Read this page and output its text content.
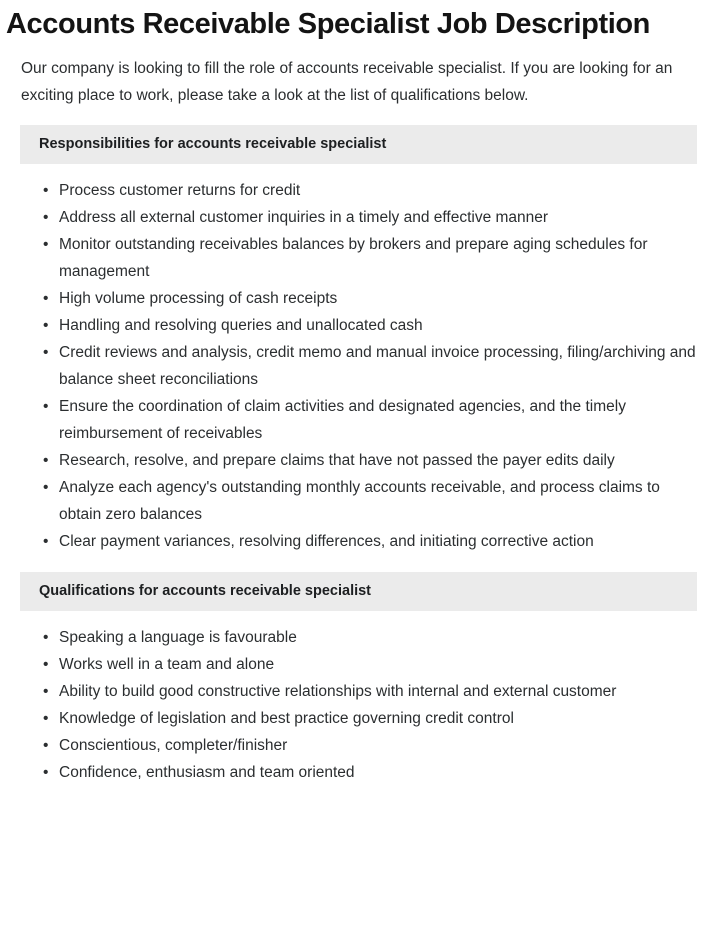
Accounts Receivable Specialist Job Description

Our company is looking to fill the role of accounts receivable specialist. If you are looking for an exciting place to work, please take a look at the list of qualifications below.

Responsibilities for accounts receivable specialist
• Process customer returns for credit
• Address all external customer inquiries in a timely and effective manner
• Monitor outstanding receivables balances by brokers and prepare aging schedules for management
• High volume processing of cash receipts
• Handling and resolving queries and unallocated cash
• Credit reviews and analysis, credit memo and manual invoice processing, filing/archiving and balance sheet reconciliations
• Ensure the coordination of claim activities and designated agencies, and the timely reimbursement of receivables
• Research, resolve, and prepare claims that have not passed the payer edits daily
• Analyze each agency's outstanding monthly accounts receivable, and process claims to obtain zero balances
• Clear payment variances, resolving differences, and initiating corrective action
Qualifications for accounts receivable specialist
• Speaking a language is favourable
• Works well in a team and alone
• Ability to build good constructive relationships with internal and external customer
• Knowledge of legislation and best practice governing credit control
• Conscientious, completer/finisher
• Confidence, enthusiasm and team oriented
